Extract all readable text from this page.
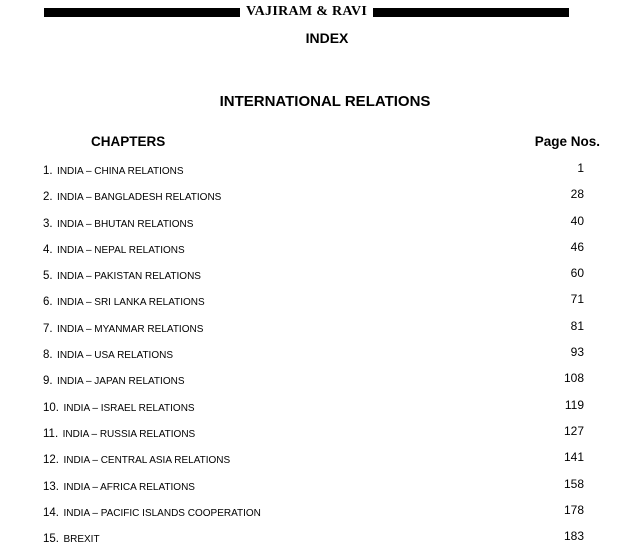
VAJIRAM & RAVI
INDEX
INTERNATIONAL RELATIONS
CHAPTERS	Page Nos.
1. INDIA – CHINA RELATIONS	1
2. INDIA – BANGLADESH RELATIONS	28
3. INDIA – BHUTAN RELATIONS	40
4. INDIA – NEPAL RELATIONS	46
5. INDIA – PAKISTAN RELATIONS	60
6. INDIA – SRI LANKA RELATIONS	71
7. INDIA – MYANMAR RELATIONS	81
8. INDIA – USA RELATIONS	93
9. INDIA – JAPAN RELATIONS	108
10. INDIA – ISRAEL RELATIONS	119
11. INDIA – RUSSIA RELATIONS	127
12. INDIA – CENTRAL ASIA RELATIONS	141
13. INDIA – AFRICA RELATIONS	158
14. INDIA – PACIFIC ISLANDS COOPERATION	178
15. BREXIT	183
